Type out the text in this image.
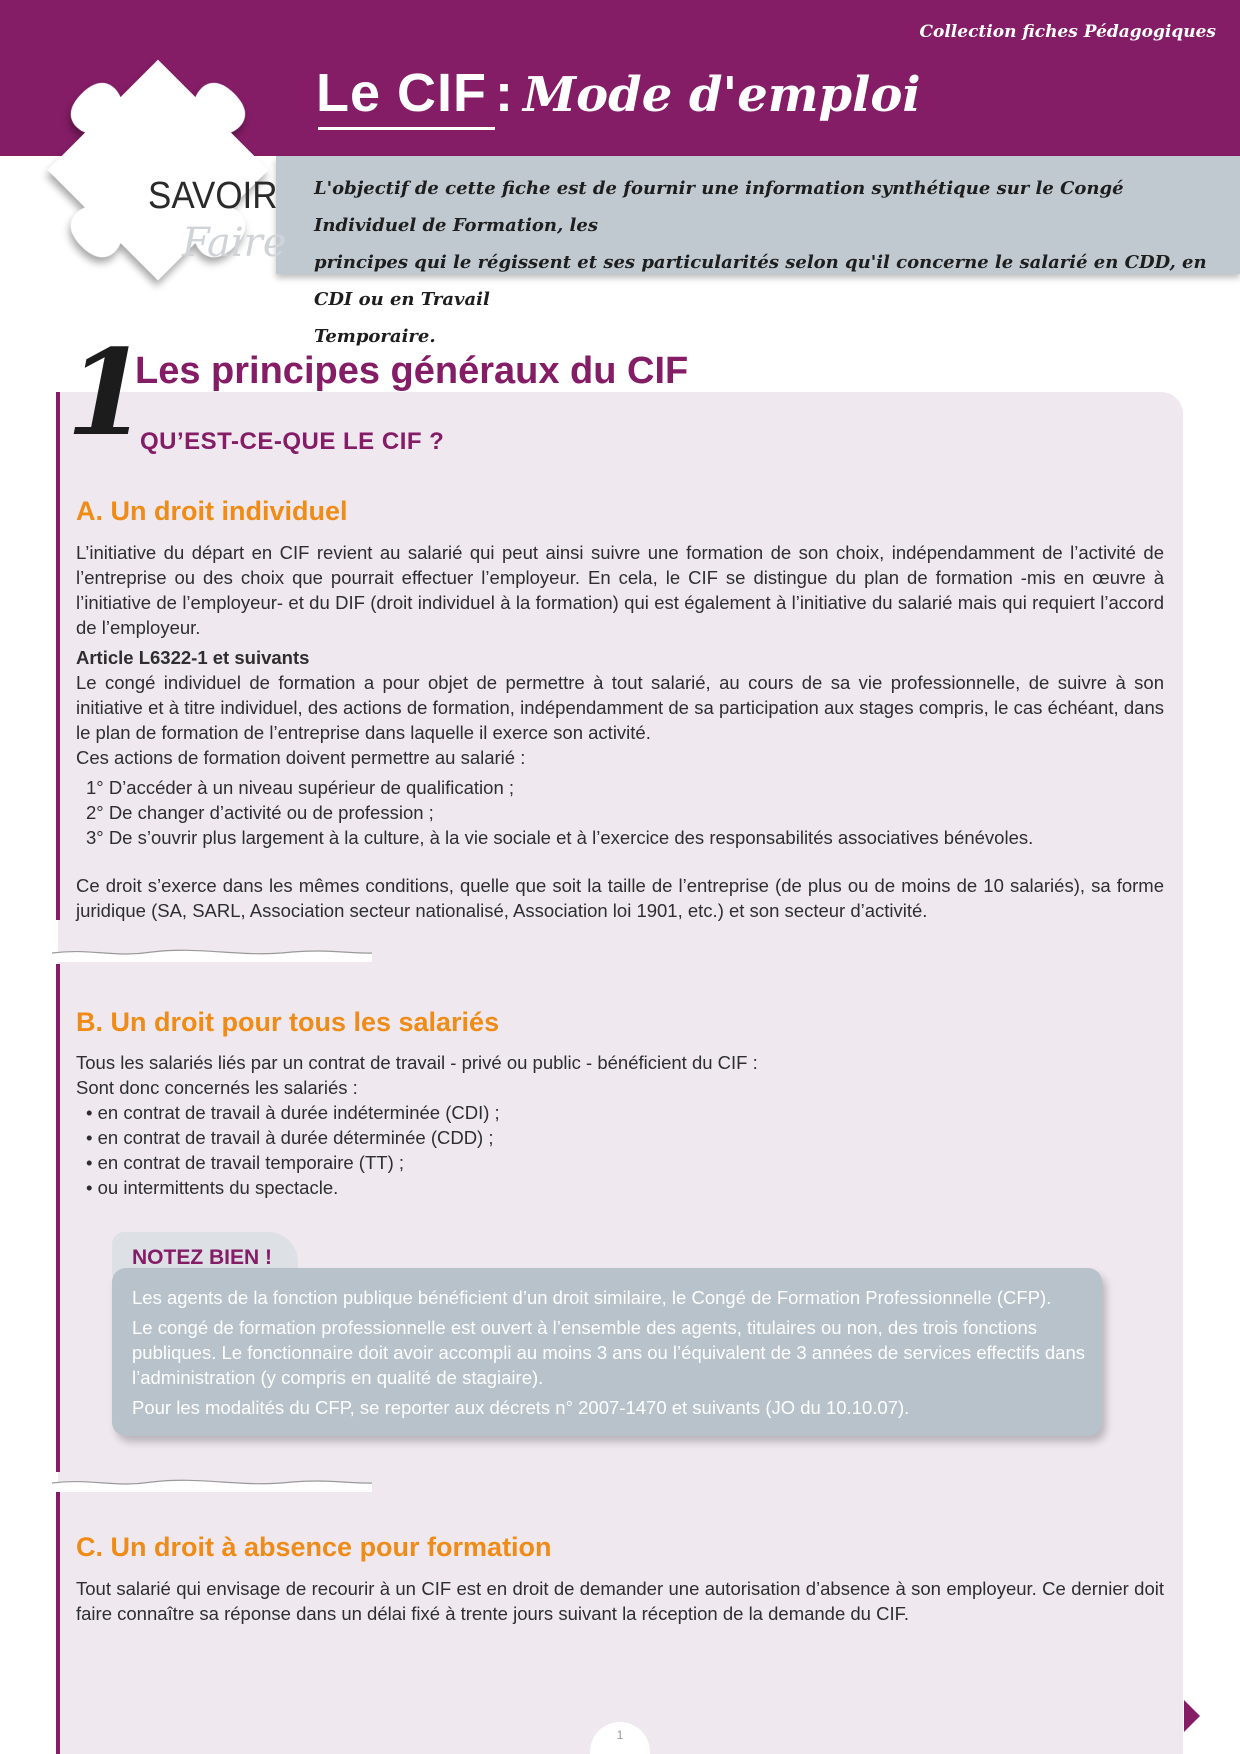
Collection fiches Pédagogiques
Le CIF : Mode d'emploi
L'objectif de cette fiche est de fournir une information synthétique sur le Congé Individuel de Formation, les
principes qui le régissent et ses particularités selon qu'il concerne le salarié en CDD, en CDI ou en Travail
Temporaire.
SAVOIR
Faire
1
Les principes généraux du CIF
QU’EST-CE-QUE LE CIF ?
A. Un droit individuel
L’initiative du départ en CIF revient au salarié qui peut ainsi suivre une formation de son choix, indépendamment de l’activité de l’entreprise ou des choix que pourrait effectuer l’employeur. En cela, le CIF se distingue du plan de formation -mis en œuvre à l’initiative de l’employeur- et du DIF (droit individuel à la formation) qui est également à l’initiative du salarié mais qui requiert l’accord de l’employeur.
Article L6322-1 et suivants
Le congé individuel de formation a pour objet de permettre à tout salarié, au cours de sa vie professionnelle, de suivre à son initiative et à titre individuel, des actions de formation, indépendamment de sa participation aux stages compris, le cas échéant, dans le plan de formation de l’entreprise dans laquelle il exerce son activité.
Ces actions de formation doivent permettre au salarié :
1° D’accéder à un niveau supérieur de qualification ;
2° De changer d’activité ou de profession ;
3° De s’ouvrir plus largement à la culture, à la vie sociale et à l’exercice des responsabilités associatives bénévoles.
Ce droit s’exerce dans les mêmes conditions, quelle que soit la taille de l’entreprise (de plus ou de moins de 10 salariés), sa forme juridique (SA, SARL, Association secteur nationalisé, Association loi 1901, etc.) et son secteur d’activité.
B. Un droit pour tous les salariés
Tous les salariés liés par un contrat de travail - privé ou public - bénéficient du CIF :
Sont donc concernés les salariés :
• en contrat de travail à durée indéterminée (CDI) ;
• en contrat de travail à durée déterminée (CDD) ;
• en contrat de travail temporaire (TT) ;
• ou intermittents du spectacle.
NOTEZ BIEN !
Les agents de la fonction publique bénéficient d’un droit similaire, le Congé de Formation Professionnelle (CFP).
Le congé de formation professionnelle est ouvert à l’ensemble des agents, titulaires ou non, des trois fonctions publiques. Le fonctionnaire doit avoir accompli au moins 3 ans ou l’équivalent de 3 années de services effectifs dans l’administration (y compris en qualité de stagiaire).
Pour les modalités du CFP, se reporter aux décrets n° 2007-1470 et suivants (JO du 10.10.07).
C. Un droit à absence pour formation
Tout salarié qui envisage de recourir à un CIF est en droit de demander une autorisation d’absence à son employeur. Ce dernier doit faire connaître sa réponse dans un délai fixé à trente jours suivant la réception de la demande du CIF.
1
